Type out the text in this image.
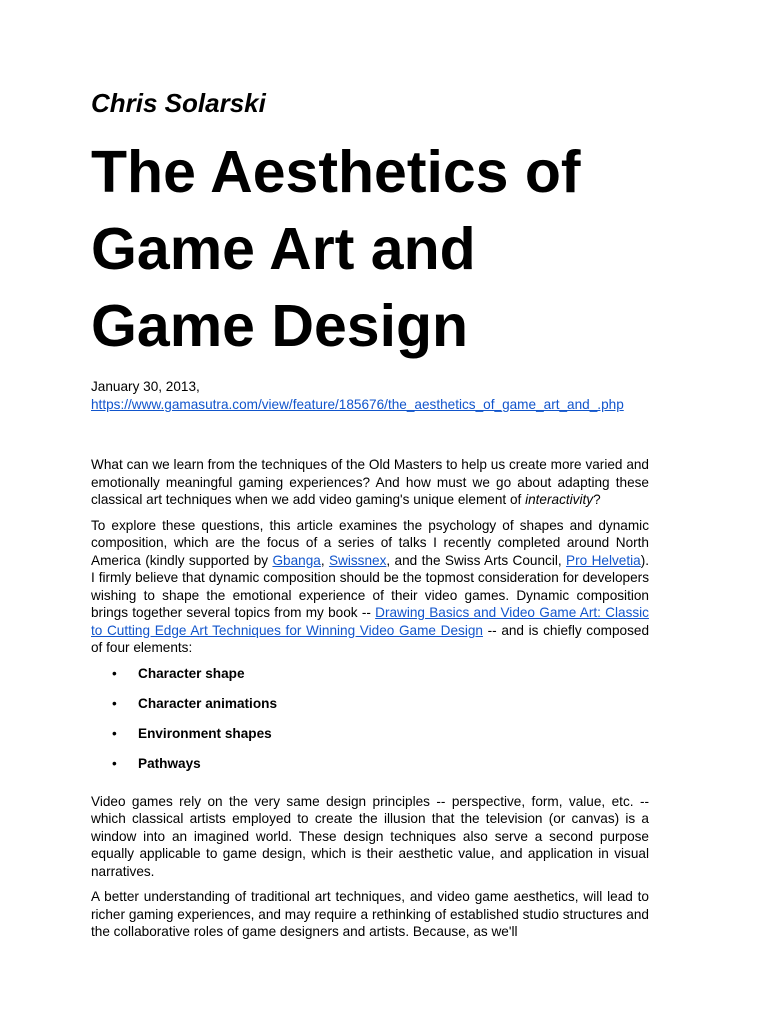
Chris Solarski
The Aesthetics of
Game Art and
Game Design
January 30, 2013,
https://www.gamasutra.com/view/feature/185676/the_aesthetics_of_game_art_and_.php

What can we learn from the techniques of the Old Masters to help us create more varied and emotionally meaningful gaming experiences? And how must we go about adapting these classical art techniques when we add video gaming's unique element of interactivity?

To explore these questions, this article examines the psychology of shapes and dynamic composition, which are the focus of a series of talks I recently completed around North America (kindly supported by Gbanga, Swissnex, and the Swiss Arts Council, Pro Helvetia). I firmly believe that dynamic composition should be the topmost consideration for developers wishing to shape the emotional experience of their video games. Dynamic composition brings together several topics from my book -- Drawing Basics and Video Game Art: Classic to Cutting Edge Art Techniques for Winning Video Game Design -- and is chiefly composed of four elements:

• Character shape
• Character animations
• Environment shapes
• Pathways

Video games rely on the very same design principles -- perspective, form, value, etc. -- which classical artists employed to create the illusion that the television (or canvas) is a window into an imagined world. These design techniques also serve a second purpose equally applicable to game design, which is their aesthetic value, and application in visual narratives.

A better understanding of traditional art techniques, and video game aesthetics, will lead to richer gaming experiences, and may require a rethinking of established studio structures and the collaborative roles of game designers and artists. Because, as we'll
